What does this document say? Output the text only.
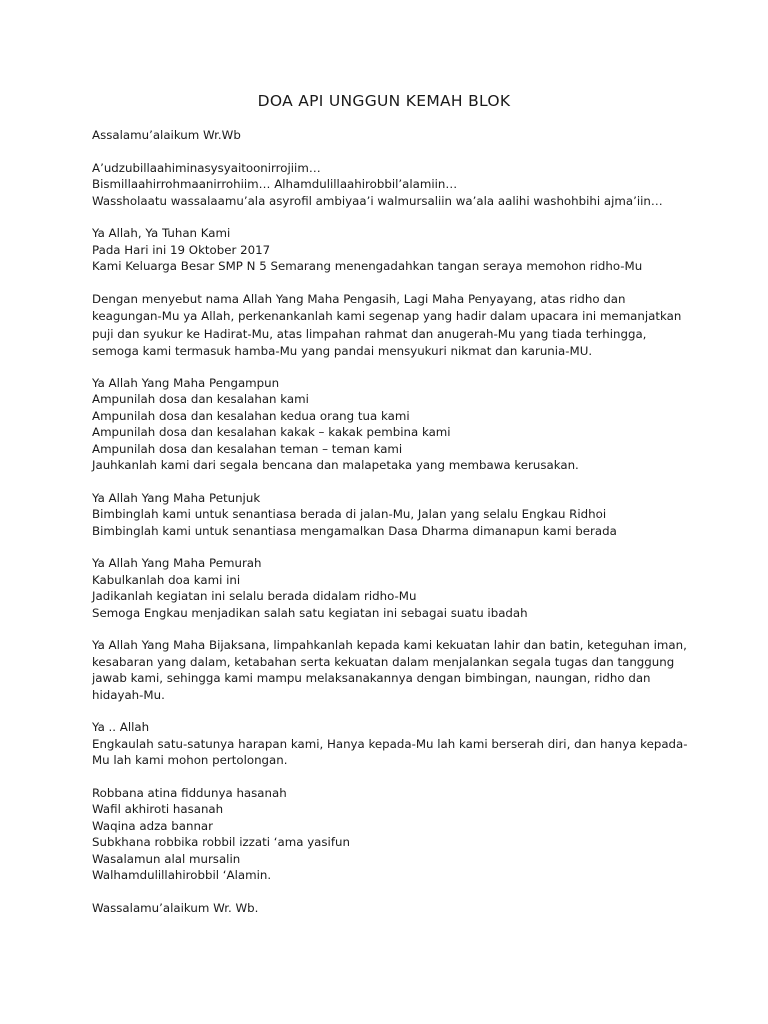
DOA API UNGGUN KEMAH BLOK

Assalamu’alaikum Wr.Wb

A’udzubillaahiminasysyaitoonirrojiim…
Bismillaahirrohmaanirrohiim… Alhamdulillaahirobbil’alamiin…
Wassholaatu wassalaamu’ala asyrofil ambiyaa’i walmursaliin wa’ala aalihi washohbihi ajma’iin…

Ya Allah, Ya Tuhan Kami
Pada Hari ini 19 Oktober 2017
Kami Keluarga Besar SMP N 5 Semarang menengadahkan tangan seraya memohon ridho-Mu

Dengan menyebut nama Allah Yang Maha Pengasih, Lagi Maha Penyayang, atas ridho dan
keagungan-Mu ya Allah, perkenankanlah kami segenap yang hadir dalam upacara ini memanjatkan
puji dan syukur ke Hadirat-Mu, atas limpahan rahmat dan anugerah-Mu yang tiada terhingga,
semoga kami termasuk hamba-Mu yang pandai mensyukuri nikmat dan karunia-MU.

Ya Allah Yang Maha Pengampun
Ampunilah dosa dan kesalahan kami
Ampunilah dosa dan kesalahan kedua orang tua kami
Ampunilah dosa dan kesalahan kakak – kakak pembina kami
Ampunilah dosa dan kesalahan teman – teman kami
Jauhkanlah kami dari segala bencana dan malapetaka yang membawa kerusakan.

Ya Allah Yang Maha Petunjuk
Bimbinglah kami untuk senantiasa berada di jalan-Mu, Jalan yang selalu Engkau Ridhoi
Bimbinglah kami untuk senantiasa mengamalkan Dasa Dharma dimanapun kami berada

Ya Allah Yang Maha Pemurah
Kabulkanlah doa kami ini
Jadikanlah kegiatan ini selalu berada didalam ridho-Mu
Semoga Engkau menjadikan salah satu kegiatan ini sebagai suatu ibadah

Ya Allah Yang Maha Bijaksana, limpahkanlah kepada kami kekuatan lahir dan batin, keteguhan iman,
kesabaran yang dalam, ketabahan serta kekuatan dalam menjalankan segala tugas dan tanggung
jawab kami, sehingga kami mampu melaksanakannya dengan bimbingan, naungan, ridho dan
hidayah-Mu.

Ya .. Allah
Engkaulah satu-satunya harapan kami, Hanya kepada-Mu lah kami berserah diri, dan hanya kepada-
Mu lah kami mohon pertolongan.

Robbana atina fiddunya hasanah
Wafil akhiroti hasanah
Waqina adza bannar
Subkhana robbika robbil izzati ‘ama yasifun
Wasalamun alal mursalin
Walhamdulillahirobbil ‘Alamin.

Wassalamu’alaikum Wr. Wb.
